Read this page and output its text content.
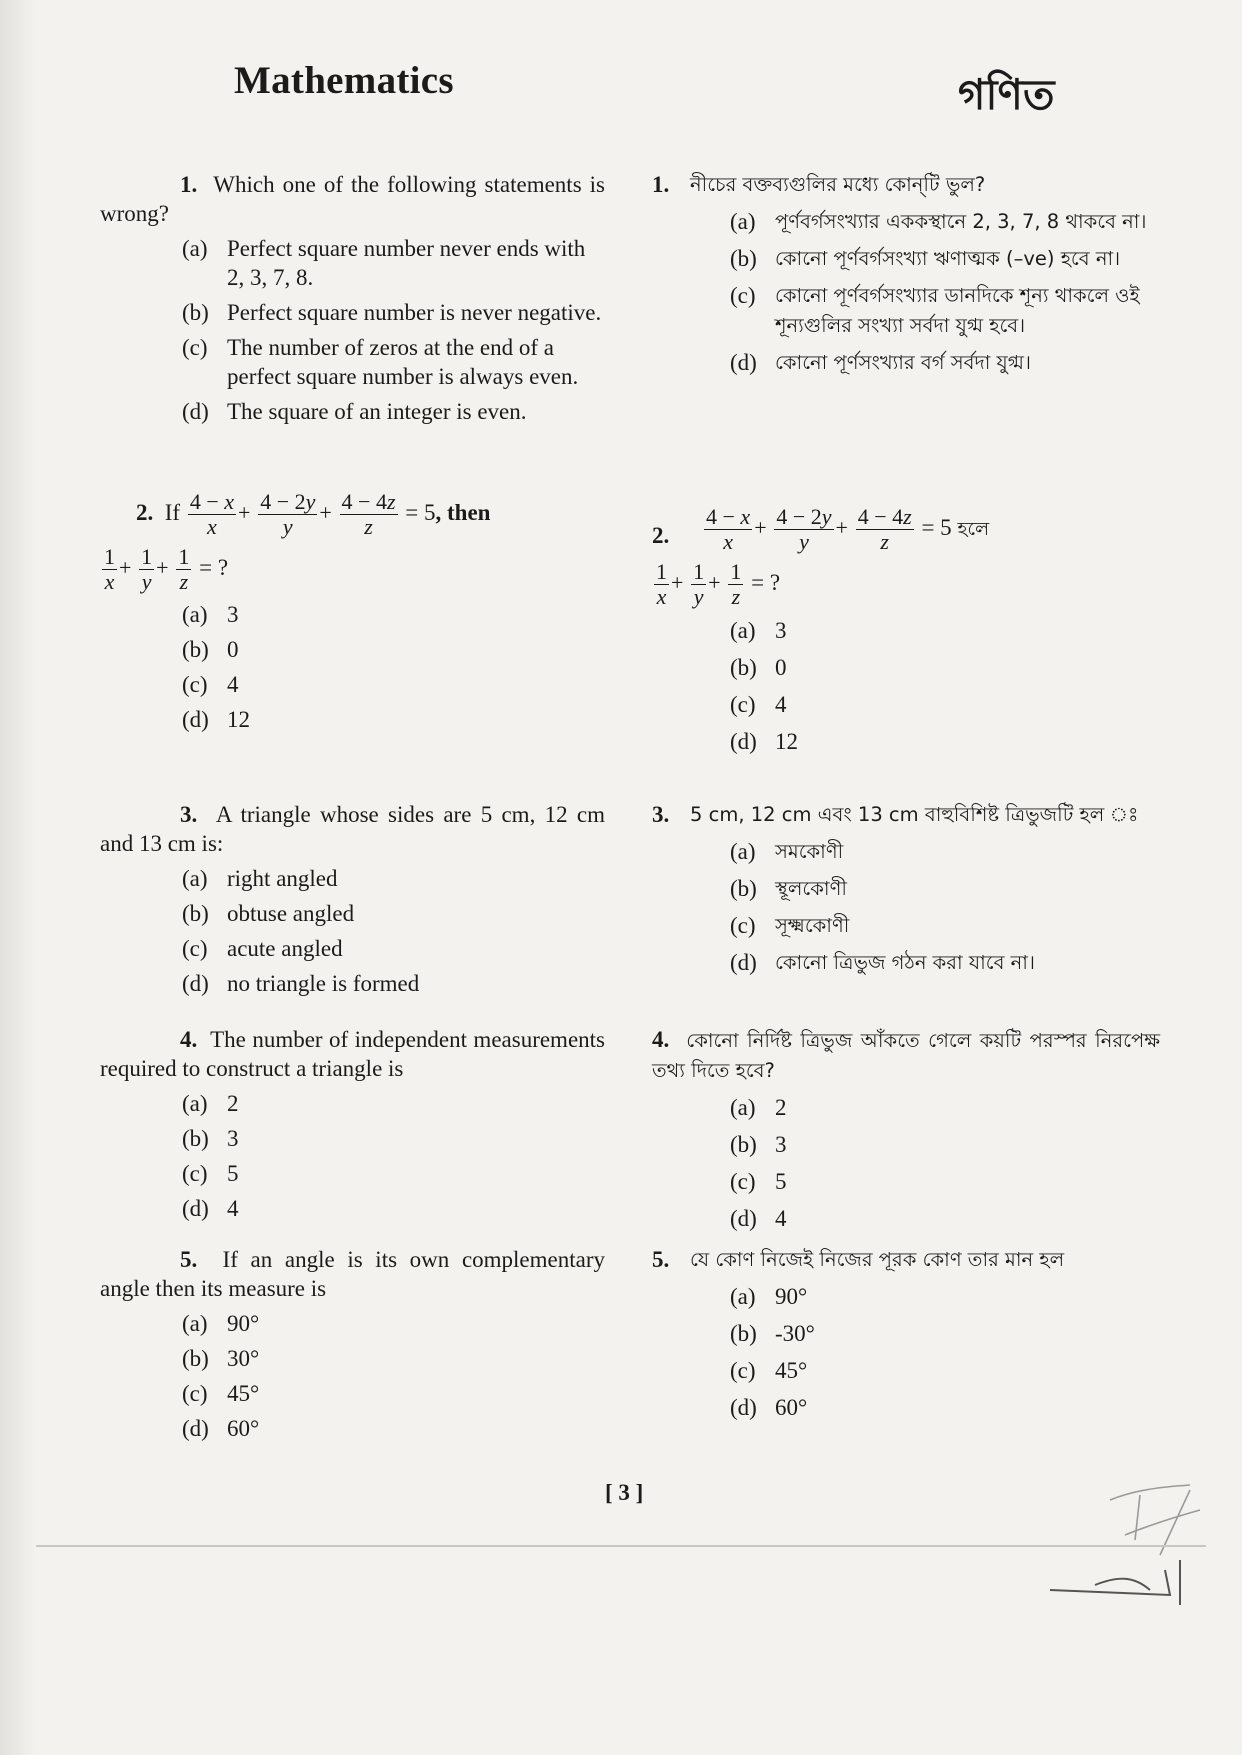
Mathematics	গণিত
1. Which one of the following statements is wrong?
(a) Perfect square number never ends with 2, 3, 7, 8.
(b) Perfect square number is never negative.
(c) The number of zeros at the end of a perfect square number is always even.
(d) The square of an integer is even.
2. If $\frac{4 - x}{x} + \frac{4 - 2y}{y} + \frac{4 - 4z}{z} = 5$, then
$\frac{1}{x} + \frac{1}{y} + \frac{1}{z}$ = ?
(a) 3
(b) 0
(c) 4
(d) 12
3. A triangle whose sides are 5 cm, 12 cm and 13 cm is:
(a) right angled
(b) obtuse angled
(c) acute angled
(d) no triangle is formed
4. The number of independent measurements required to construct a triangle is
(a) 2
(b) 3
(c) 5
(d) 4
5. If an angle is its own complementary angle then its measure is
(a) 90°
(b) 30°
(c) 45°
(d) 60°
1. নীচের বক্তব্যগুলির মধ্যে কোন্‌টি ভুল?
(a) পূর্ণবর্গসংখ্যার এককস্থানে 2, 3, 7, 8 থাকবে না।
(b) কোনো পূর্ণবর্গসংখ্যা ঋণাত্মক (–ve) হবে না।
(c) কোনো পূর্ণবর্গসংখ্যার ডানদিকে শূন্য থাকলে ওই শূন্যগুলির সংখ্যা সর্বদা যুগ্ম হবে।
(d) কোনো পূর্ণসংখ্যার বর্গ সর্বদা যুগ্ম।
2. $\frac{4 - x}{x} + \frac{4 - 2y}{y} + \frac{4 - 4z}{z} = 5$ হলে
$\frac{1}{x} + \frac{1}{y} + \frac{1}{z}$ = ?
(a) 3
(b) 0
(c) 4
(d) 12
3. 5 cm, 12 cm এবং 13 cm বাহুবিশিষ্ট ত্রিভুজটি হল ঃ
(a) সমকোণী
(b) স্থূলকোণী
(c) সূক্ষ্মকোণী
(d) কোনো ত্রিভুজ গঠন করা যাবে না।
4. কোনো নির্দিষ্ট ত্রিভুজ আঁকতে গেলে কয়টি পরস্পর নিরপেক্ষ তথ্য দিতে হবে?
(a) 2
(b) 3
(c) 5
(d) 4
5. যে কোণ নিজেই নিজের পূরক কোণ তার মান হল
(a) 90°
(b) -30°
(c) 45°
(d) 60°
[ 3 ]
